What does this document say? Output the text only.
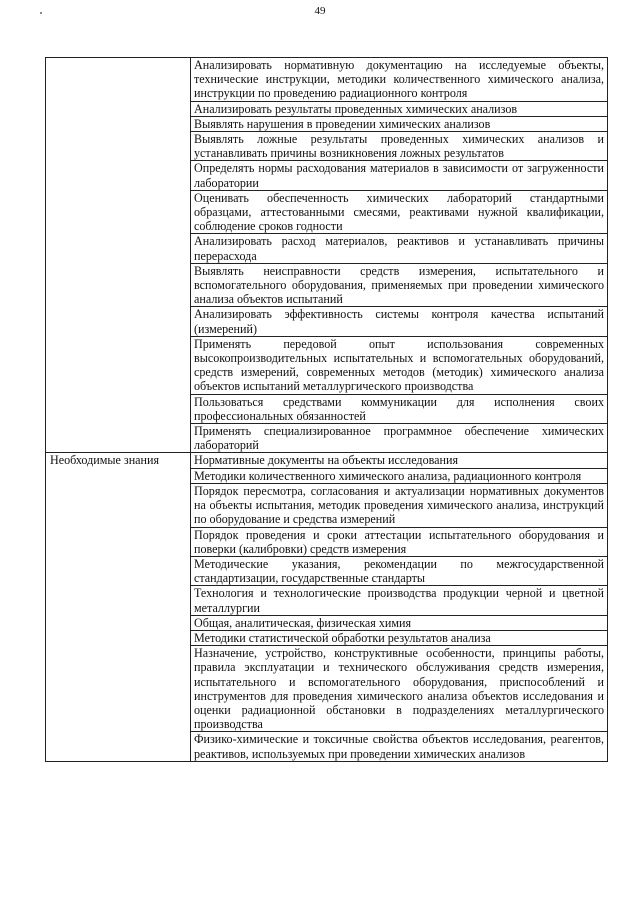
49
	Анализировать нормативную документацию на исследуемые объекты, технические инструкции, методики количественного химического анализа, инструкции по проведению радиационного контроля
	Анализировать результаты проведенных химических анализов
	Выявлять нарушения в проведении химических анализов
	Выявлять ложные результаты проведенных химических анализов и устанавливать причины возникновения ложных результатов
	Определять нормы расходования материалов в зависимости от загруженности лаборатории
	Оценивать обеспеченность химических лабораторий стандартными образцами, аттестованными смесями, реактивами нужной квалификации, соблюдение сроков годности
	Анализировать расход материалов, реактивов и устанавливать причины перерасхода
	Выявлять неисправности средств измерения, испытательного и вспомогательного оборудования, применяемых при проведении химического анализа объектов испытаний
	Анализировать эффективность системы контроля качества испытаний (измерений)
	Применять передовой опыт использования современных высокопроизводительных испытательных и вспомогательных оборудований, средств измерений, современных методов (методик) химического анализа объектов испытаний металлургического производства
	Пользоваться средствами коммуникации для исполнения своих профессиональных обязанностей
	Применять специализированное программное обеспечение химических лабораторий
Необходимые знания	Нормативные документы на объекты исследования
	Методики количественного химического анализа, радиационного контроля
	Порядок пересмотра, согласования и актуализации нормативных документов на объекты испытания, методик проведения химического анализа, инструкций по оборудование и средства измерений
	Порядок проведения и сроки аттестации испытательного оборудования и поверки (калибровки) средств измерения
	Методические указания, рекомендации по межгосударственной стандартизации, государственные стандарты
	Технология и технологические производства продукции черной и цветной металлургии
	Общая, аналитическая, физическая химия
	Методики статистической обработки результатов анализа
	Назначение, устройство, конструктивные особенности, принципы работы, правила эксплуатации и технического обслуживания средств измерения, испытательного и вспомогательного оборудования, приспособлений и инструментов для проведения химического анализа объектов исследования и оценки радиационной обстановки в подразделениях металлургического производства
	Физико-химические и токсичные свойства объектов исследования, реагентов, реактивов, используемых при проведении химических анализов
